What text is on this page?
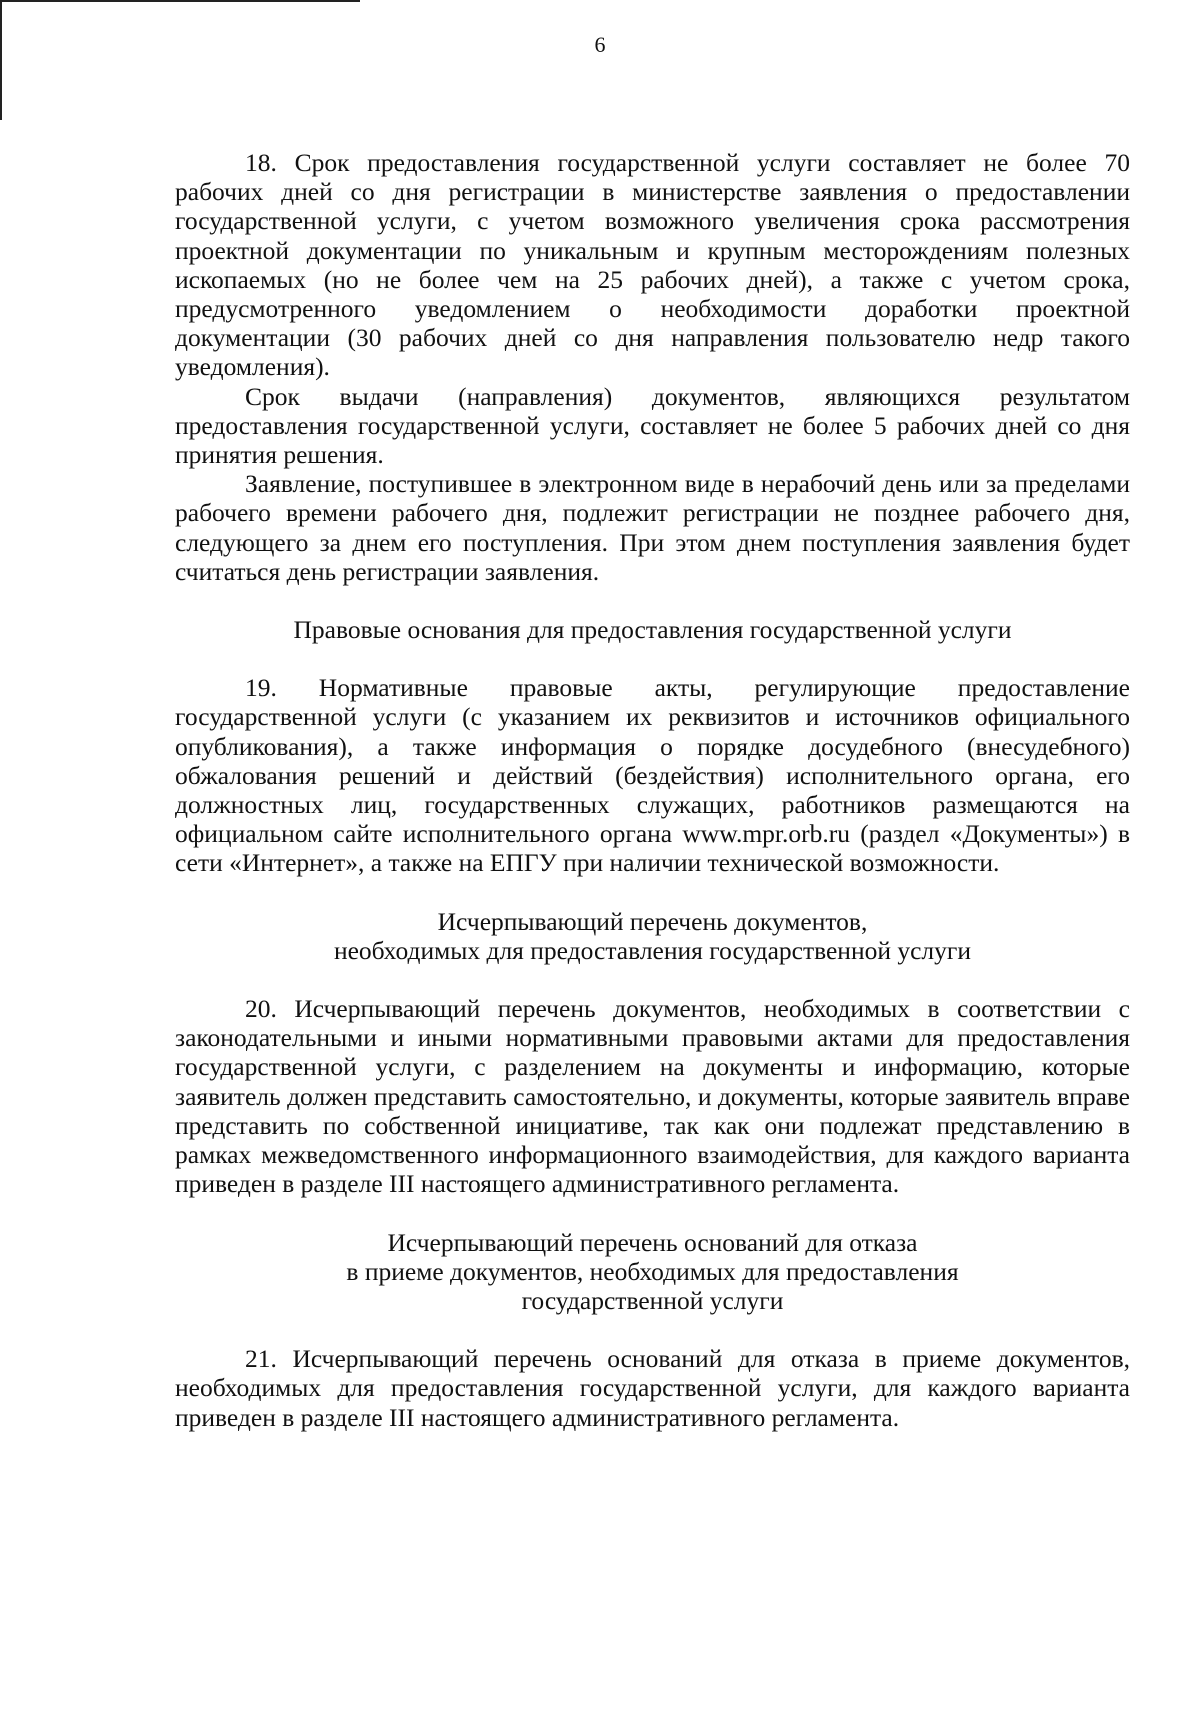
6

18. Срок предоставления государственной услуги составляет не более 70 рабочих дней со дня регистрации в министерстве заявления о предоставлении государственной услуги, с учетом возможного увеличения срока рассмотрения проектной документации по уникальным и крупным месторождениям полезных ископаемых (но не более чем на 25 рабочих дней), а также с учетом срока, предусмотренного уведомлением о необходимости доработки проектной документации (30 рабочих дней со дня направления пользователю недр такого уведомления).

Срок выдачи (направления) документов, являющихся результатом предоставления государственной услуги, составляет не более 5 рабочих дней со дня принятия решения.

Заявление, поступившее в электронном виде в нерабочий день или за пределами рабочего времени рабочего дня, подлежит регистрации не позднее рабочего дня, следующего за днем его поступления. При этом днем поступления заявления будет считаться день регистрации заявления.

Правовые основания для предоставления государственной услуги

19. Нормативные правовые акты, регулирующие предоставление государственной услуги (с указанием их реквизитов и источников официального опубликования), а также информация о порядке досудебного (внесудебного) обжалования решений и действий (бездействия) исполнительного органа, его должностных лиц, государственных служащих, работников размещаются на официальном сайте исполнительного органа www.mpr.orb.ru (раздел «Документы») в сети «Интернет», а также на ЕПГУ при наличии технической возможности.

Исчерпывающий перечень документов,
необходимых для предоставления государственной услуги

20. Исчерпывающий перечень документов, необходимых в соответствии с законодательными и иными нормативными правовыми актами для предоставления государственной услуги, с разделением на документы и информацию, которые заявитель должен представить самостоятельно, и документы, которые заявитель вправе представить по собственной инициативе, так как они подлежат представлению в рамках межведомственного информационного взаимодействия, для каждого варианта приведен в разделе III настоящего административного регламента.

Исчерпывающий перечень оснований для отказа
в приеме документов, необходимых для предоставления
государственной услуги

21. Исчерпывающий перечень оснований для отказа в приеме документов, необходимых для предоставления государственной услуги, для каждого варианта приведен в разделе III настоящего административного регламента.
